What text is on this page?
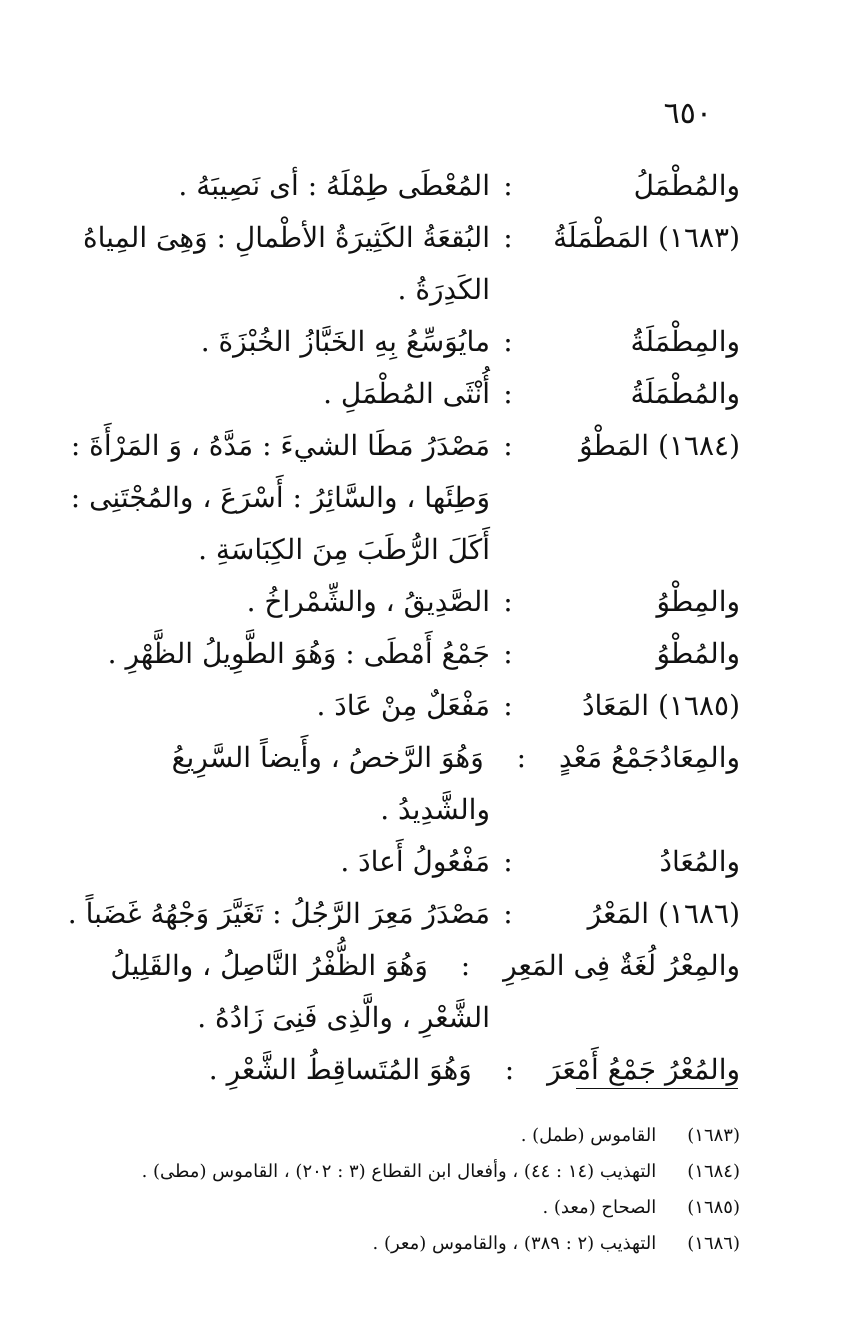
٦٥٠
والمُطْمَلُ
:
المُعْطَى طِمْلَهُ : أى نَصِيبَهُ .
(١٦٨٣) المَطْمَلَةُ
:
البُقعَةُ الكَثِيرَةُ الأطْمالِ : وَهِىَ المِياهُ الكَدِرَةُ .
والمِطْمَلَةُ
:
مايُوَسِّعُ بِهِ الخَبَّازُ الخُبْزَةَ .
والمُطْمَلَةُ
:
أُنْثَى المُطْمَلِ .
(١٦٨٤) المَطْوُ
:
مَصْدَرُ مَطَا الشيءَ : مَدَّهُ ، وَ المَرْأَةَ : وَطِئَها ، والسَّائِرُ : أَسْرَعَ ، والمُجْتَنِى : أَكَلَ الرُّطَبَ مِنَ الكِبَاسَةِ .
والمِطْوُ
:
الصَّدِيقُ ، والشِّمْراخُ .
والمُطْوُ
:
جَمْعُ أَمْطَى : وَهُوَ الطَّوِيلُ الظَّهْرِ .
(١٦٨٥) المَعَادُ
:
مَفْعَلٌ مِنْ عَادَ .
والمِعَادُجَمْعُ مَعْدٍ : وَهُوَ الرَّخصُ ، وأَيضاً السَّرِيعُ
والشَّدِيدُ .
والمُعَادُ
:
مَفْعُولُ أَعادَ .
(١٦٨٦) المَعْرُ
:
مَصْدَرُ مَعِرَ الرَّجُلُ : تَغَيَّرَ وَجْهُهُ غَضَباً .
والمِعْرُ لُغَةٌ فِى المَعِرِ : وَهُوَ الظُّفْرُ النَّاصِلُ ، والقَلِيلُ
الشَّعْرِ ، والَّذِى فَنِىَ زَادُهُ .
والمُعْرُ جَمْعُ أَمْعَرَ : وَهُوَ المُتَساقِطُ الشَّعْرِ .
(١٦٨٣) القاموس (طمل) .
(١٦٨٤) التهذيب (١٤ : ٤٤) ، وأفعال ابن القطاع (٣ : ٢٠٢) ، القاموس (مطى) .
(١٦٨٥) الصحاح (معد) .
(١٦٨٦) التهذيب (٢ : ٣٨٩) ، والقاموس (معر) .
